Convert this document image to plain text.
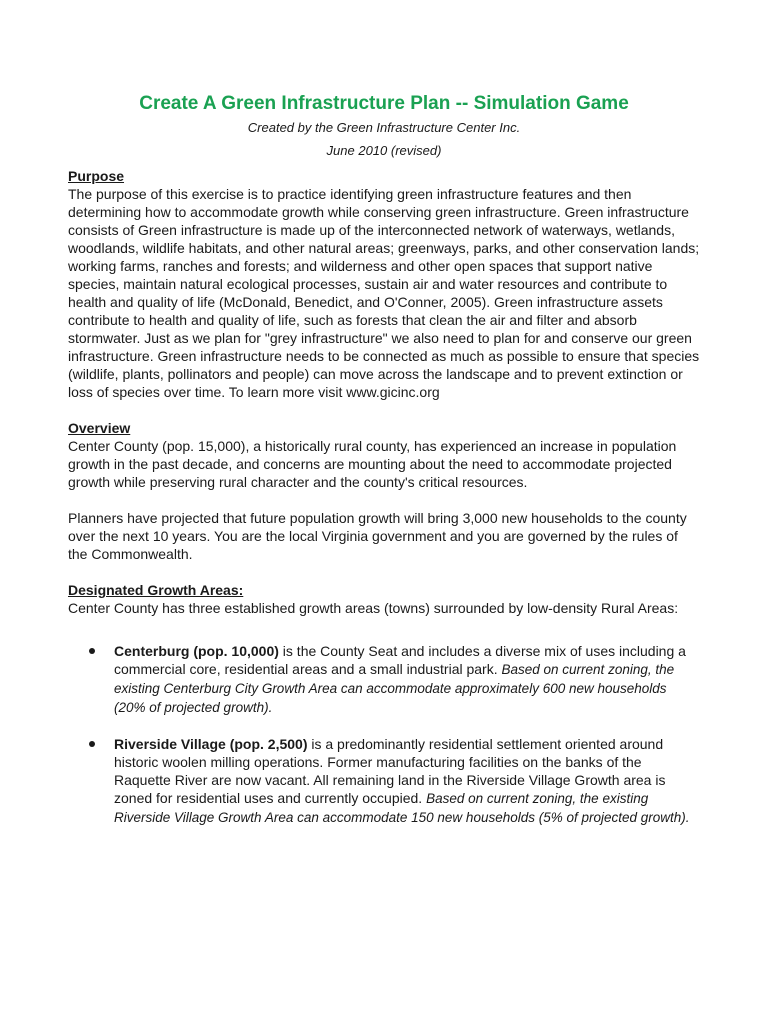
Create A Green Infrastructure Plan -- Simulation Game

Created by the Green Infrastructure Center Inc.

June 2010 (revised)

Purpose

The purpose of this exercise is to practice identifying green infrastructure features and then determining how to accommodate growth while conserving green infrastructure. Green infrastructure consists of Green infrastructure is made up of the interconnected network of waterways, wetlands, woodlands, wildlife habitats, and other natural areas; greenways, parks, and other conservation lands; working farms, ranches and forests; and wilderness and other open spaces that support native species, maintain natural ecological processes, sustain air and water resources and contribute to health and quality of life (McDonald, Benedict, and O'Conner, 2005). Green infrastructure assets contribute to health and quality of life, such as forests that clean the air and filter and absorb stormwater. Just as we plan for "grey infrastructure" we also need to plan for and conserve our green infrastructure. Green infrastructure needs to be connected as much as possible to ensure that species (wildlife, plants, pollinators and people) can move across the landscape and to prevent extinction or loss of species over time. To learn more visit www.gicinc.org

Overview

Center County (pop. 15,000), a historically rural county, has experienced an increase in population growth in the past decade, and concerns are mounting about the need to accommodate projected growth while preserving rural character and the county's critical resources.

Planners have projected that future population growth will bring 3,000 new households to the county over the next 10 years. You are the local Virginia government and you are governed by the rules of the Commonwealth.

Designated Growth Areas:

Center County has three established growth areas (towns) surrounded by low-density Rural Areas:

Centerburg (pop. 10,000) is the County Seat and includes a diverse mix of uses including a commercial core, residential areas and a small industrial park. Based on current zoning, the existing Centerburg City Growth Area can accommodate approximately 600 new households (20% of projected growth).
Riverside Village (pop. 2,500) is a predominantly residential settlement oriented around historic woolen milling operations. Former manufacturing facilities on the banks of the Raquette River are now vacant. All remaining land in the Riverside Village Growth area is zoned for residential uses and currently occupied. Based on current zoning, the existing Riverside Village Growth Area can accommodate 150 new households (5% of projected growth).
